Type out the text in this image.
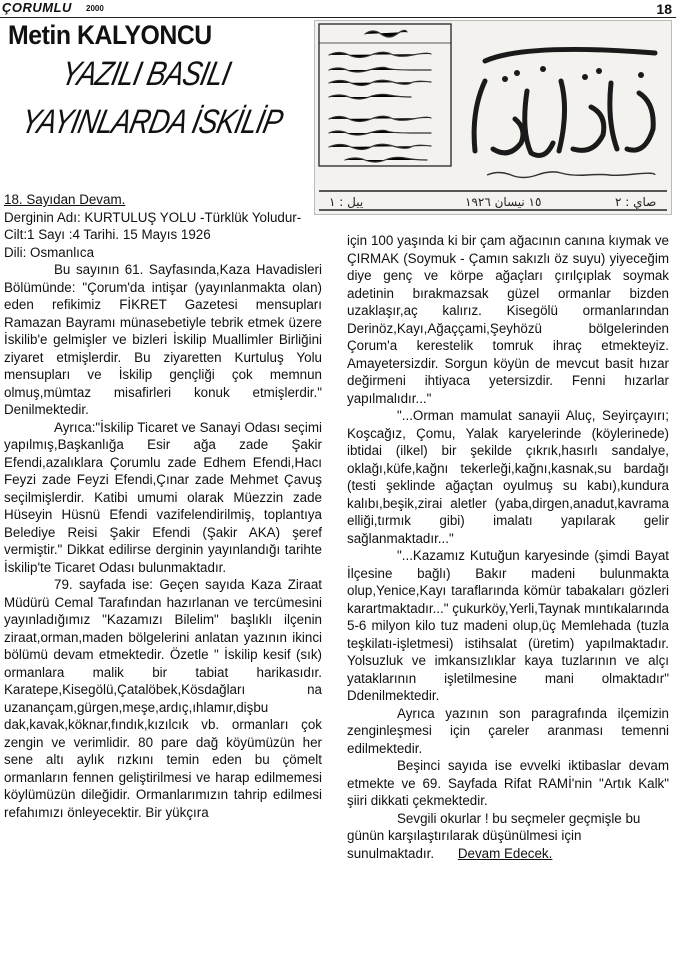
ÇORUMLU 2000	18
Metin KALYONCU
YAZILI BASILI
YAYINLARDA İSKİLİP
ييل : ١	١٥ نيسان ١٩٢٦	صاي : ٢

18. Sayıdan Devam.

Derginin Adı: KURTULUŞ YOLU -Türklük Yoludur-

Cilt:1 Sayı :4 Tarihi. 15 Mayıs 1926

Dili: Osmanlıca

Bu sayının 61. Sayfasında,Kaza Havadisleri Bölümünde: "Çorum'da intişar (yayınlanmakta olan) eden refikimiz FİKRET Gazetesi mensupları Ramazan Bayramı münasebetiyle tebrik etmek üzere İskilib'e gelmişler ve bizleri İskilip Muallimler Birliğini ziyaret etmişlerdir. Bu ziyaretten Kurtuluş Yolu mensupları ve İskilip gençliği çok memnun olmuş,mümtaz misafirleri konuk etmişlerdir." Denilmektedir.

Ayrıca:"İskilip Ticaret ve Sanayi Odası seçimi yapılmış,Başkanlığa Esir ağa zade Şakir Efendi,azalıklara Çorumlu zade Edhem Efendi,Hacı Feyzi zade Feyzi Efendi,Çınar zade Mehmet Çavuş seçilmişlerdir. Katibi umumi olarak Müezzin zade Hüseyin Hüsnü Efendi vazifelendirilmiş, toplantıya Belediye Reisi Şakir Efendi (Şakir AKA) şeref vermiştir." Dikkat edilirse derginin yayınlandığı tarihte İskilip'te Ticaret Odası bulunmaktadır.

79. sayfada ise: Geçen sayıda Kaza Ziraat Müdürü Cemal Tarafından hazırlanan ve tercümesini yayınladığımız "Kazamızı Bilelim" başlıklı ilçenin ziraat,orman,maden bölgelerini anlatan yazının ikinci bölümü devam etmektedir. Özetle " İskilip kesif (sık) ormanlara malik bir tabiat harikasıdır. Karatepe,Kisegölü,Çatalöbek,Kösdağları na uzanançam,gürgen,meşe,ardıç,ıhlamır,dişbu dak,kavak,köknar,fındık,kızılcık vb. ormanları çok zengin ve verimlidir. 80 pare dağ köyümüzün her sene altı aylık rızkını temin eden bu çömelt ormanların fennen geliştirilmesi ve harap edilmemesi köylümüzün dileğidir. Ormanlarımızın tahrip edilmesi refahımızı önleyecektir. Bir yükçıra

için 100 yaşında ki bir çam ağacının canına kıymak ve ÇIRMAK (Soymuk - Çamın sakızlı öz suyu) yiyeceğim diye genç ve körpe ağaçları çırılçıplak soymak adetinin bırakmazsak güzel ormanlar bizden uzaklaşır,aç kalırız. Kisegölü ormanlarından Derinöz,Kayı,Ağaççami,Şeyhözü bölgelerinden Çorum'a kerestelik tomruk ihraç etmekteyiz. Amayetersizdir. Sorgun köyün de mevcut basit hızar değirmeni ihtiyaca yetersizdir. Fenni hızarlar yapılmalıdır..."

"...Orman mamulat sanayii Aluç, Seyirçayırı; Koşcağız, Çomu, Yalak karyelerinde (köylerinede) ibtidai (ilkel) bir şekilde çıkrık,hasırlı sandalye, oklağı,küfe,kağnı tekerleği,kağnı,kasnak,su bardağı (testi şeklinde ağaçtan oyulmuş su kabı),kundura kalıbı,beşik,zirai aletler (yaba,dirgen,anadut,kavrama elliği,tırmık gibi) imalatı yapılarak gelir sağlanmaktadır..."

"...Kazamız Kutuğun karyesinde (şimdi Bayat İlçesine bağlı) Bakır madeni bulunmakta olup,Yenice,Kayı taraflarında kömür tabakaları gözleri karartmaktadır..." çukurköy,Yerli,Taynak mıntıkalarında 5-6 milyon kilo tuz madeni olup,üç Memlehada (tuzla teşkilatı-işletmesi) istihsalat (üretim) yapılmaktadır. Yolsuzluk ve imkansızlıklar kaya tuzlarının ve alçı yataklarının işletilmesine mani olmaktadır" Ddenilmektedir.

Ayrıca yazının son paragrafında ilçemizin zenginleşmesi için çareler aranması temenni edilmektedir.

Beşinci sayıda ise evvelki iktibaslar devam etmekte ve 69. Sayfada Rifat RAMİ'nin "Artık Kalk" şiiri dikkati çekmektedir.

Sevgili okurlar ! bu seçmeler geçmişle bu günün karşılaştırılarak düşünülmesi için sunulmaktadır. Devam Edecek.
